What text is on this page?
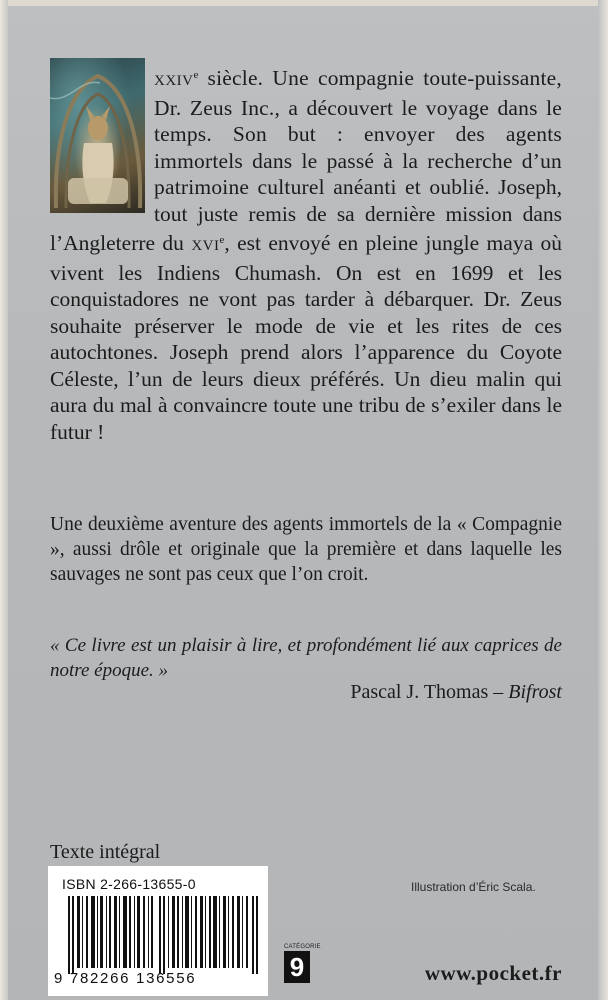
XXIVe siècle. Une compagnie toute-puissante, Dr. Zeus Inc., a découvert le voyage dans le temps. Son but : envoyer des agents immortels dans le passé à la recherche d’un patrimoine culturel anéanti et oublié. Joseph, tout juste remis de sa dernière mission dans l’Angleterre du XVIe, est envoyé en pleine jungle maya où vivent les Indiens Chumash. On est en 1699 et les conquistadores ne vont pas tarder à débarquer. Dr. Zeus souhaite préserver le mode de vie et les rites de ces autochtones. Joseph prend alors l’apparence du Coyote Céleste, l’un de leurs dieux préférés. Un dieu malin qui aura du mal à convaincre toute une tribu de s’exiler dans le futur !
Une deuxième aventure des agents immortels de la « Compagnie », aussi drôle et originale que la première et dans laquelle les sauvages ne sont pas ceux que l’on croit.
« Ce livre est un plaisir à lire, et profondément lié aux caprices de notre époque. »
Pascal J. Thomas – Bifrost
Texte intégral
ISBN 2-266-13655-0
9 782266 136556
Illustration d’Éric Scala.
CATÉGORIE
9	www.pocket.fr
